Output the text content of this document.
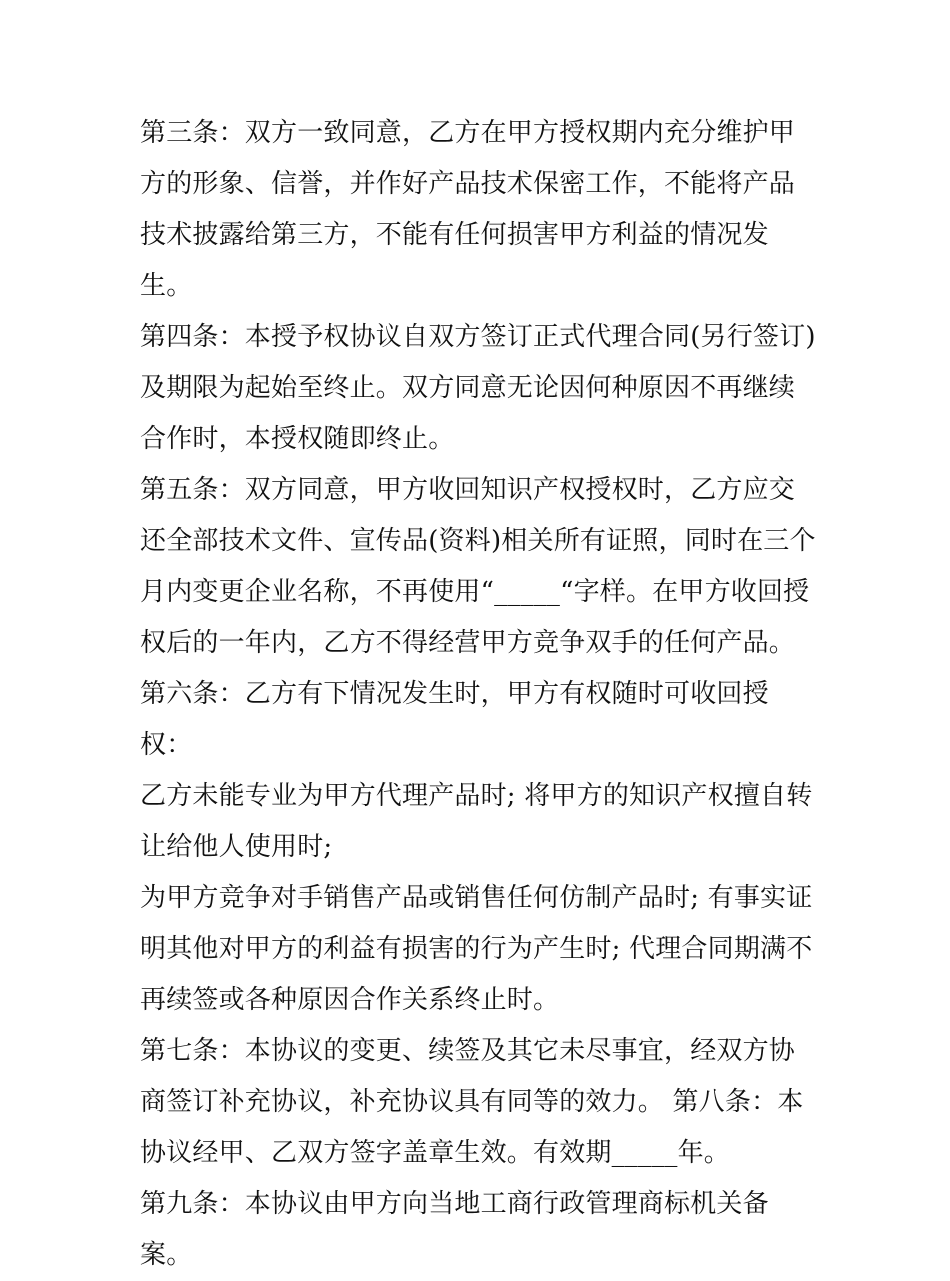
第三条：双方一致同意，乙方在甲方授权期内充分维护甲方的形象、信誉，并作好产品技术保密工作，不能将产品技术披露给第三方，不能有任何损害甲方利益的情况发生。

第四条：本授予权协议自双方签订正式代理合同(另行签订)及期限为起始至终止。双方同意无论因何种原因不再继续合作时，本授权随即终止。

第五条：双方同意，甲方收回知识产权授权时，乙方应交还全部技术文件、宣传品(资料)相关所有证照，同时在三个月内变更企业名称，不再使用“_____“字样。在甲方收回授权后的一年内，乙方不得经营甲方竞争双手的任何产品。

第六条：乙方有下情况发生时，甲方有权随时可收回授权：

乙方未能专业为甲方代理产品时; 将甲方的知识产权擅自转让给他人使用时;

为甲方竞争对手销售产品或销售任何仿制产品时; 有事实证明其他对甲方的利益有损害的行为产生时; 代理合同期满不再续签或各种原因合作关系终止时。

第七条：本协议的变更、续签及其它未尽事宜，经双方协商签订补充协议，补充协议具有同等的效力。 第八条：本协议经甲、乙双方签字盖章生效。有效期_____年。

第九条：本协议由甲方向当地工商行政管理商标机关备案。
